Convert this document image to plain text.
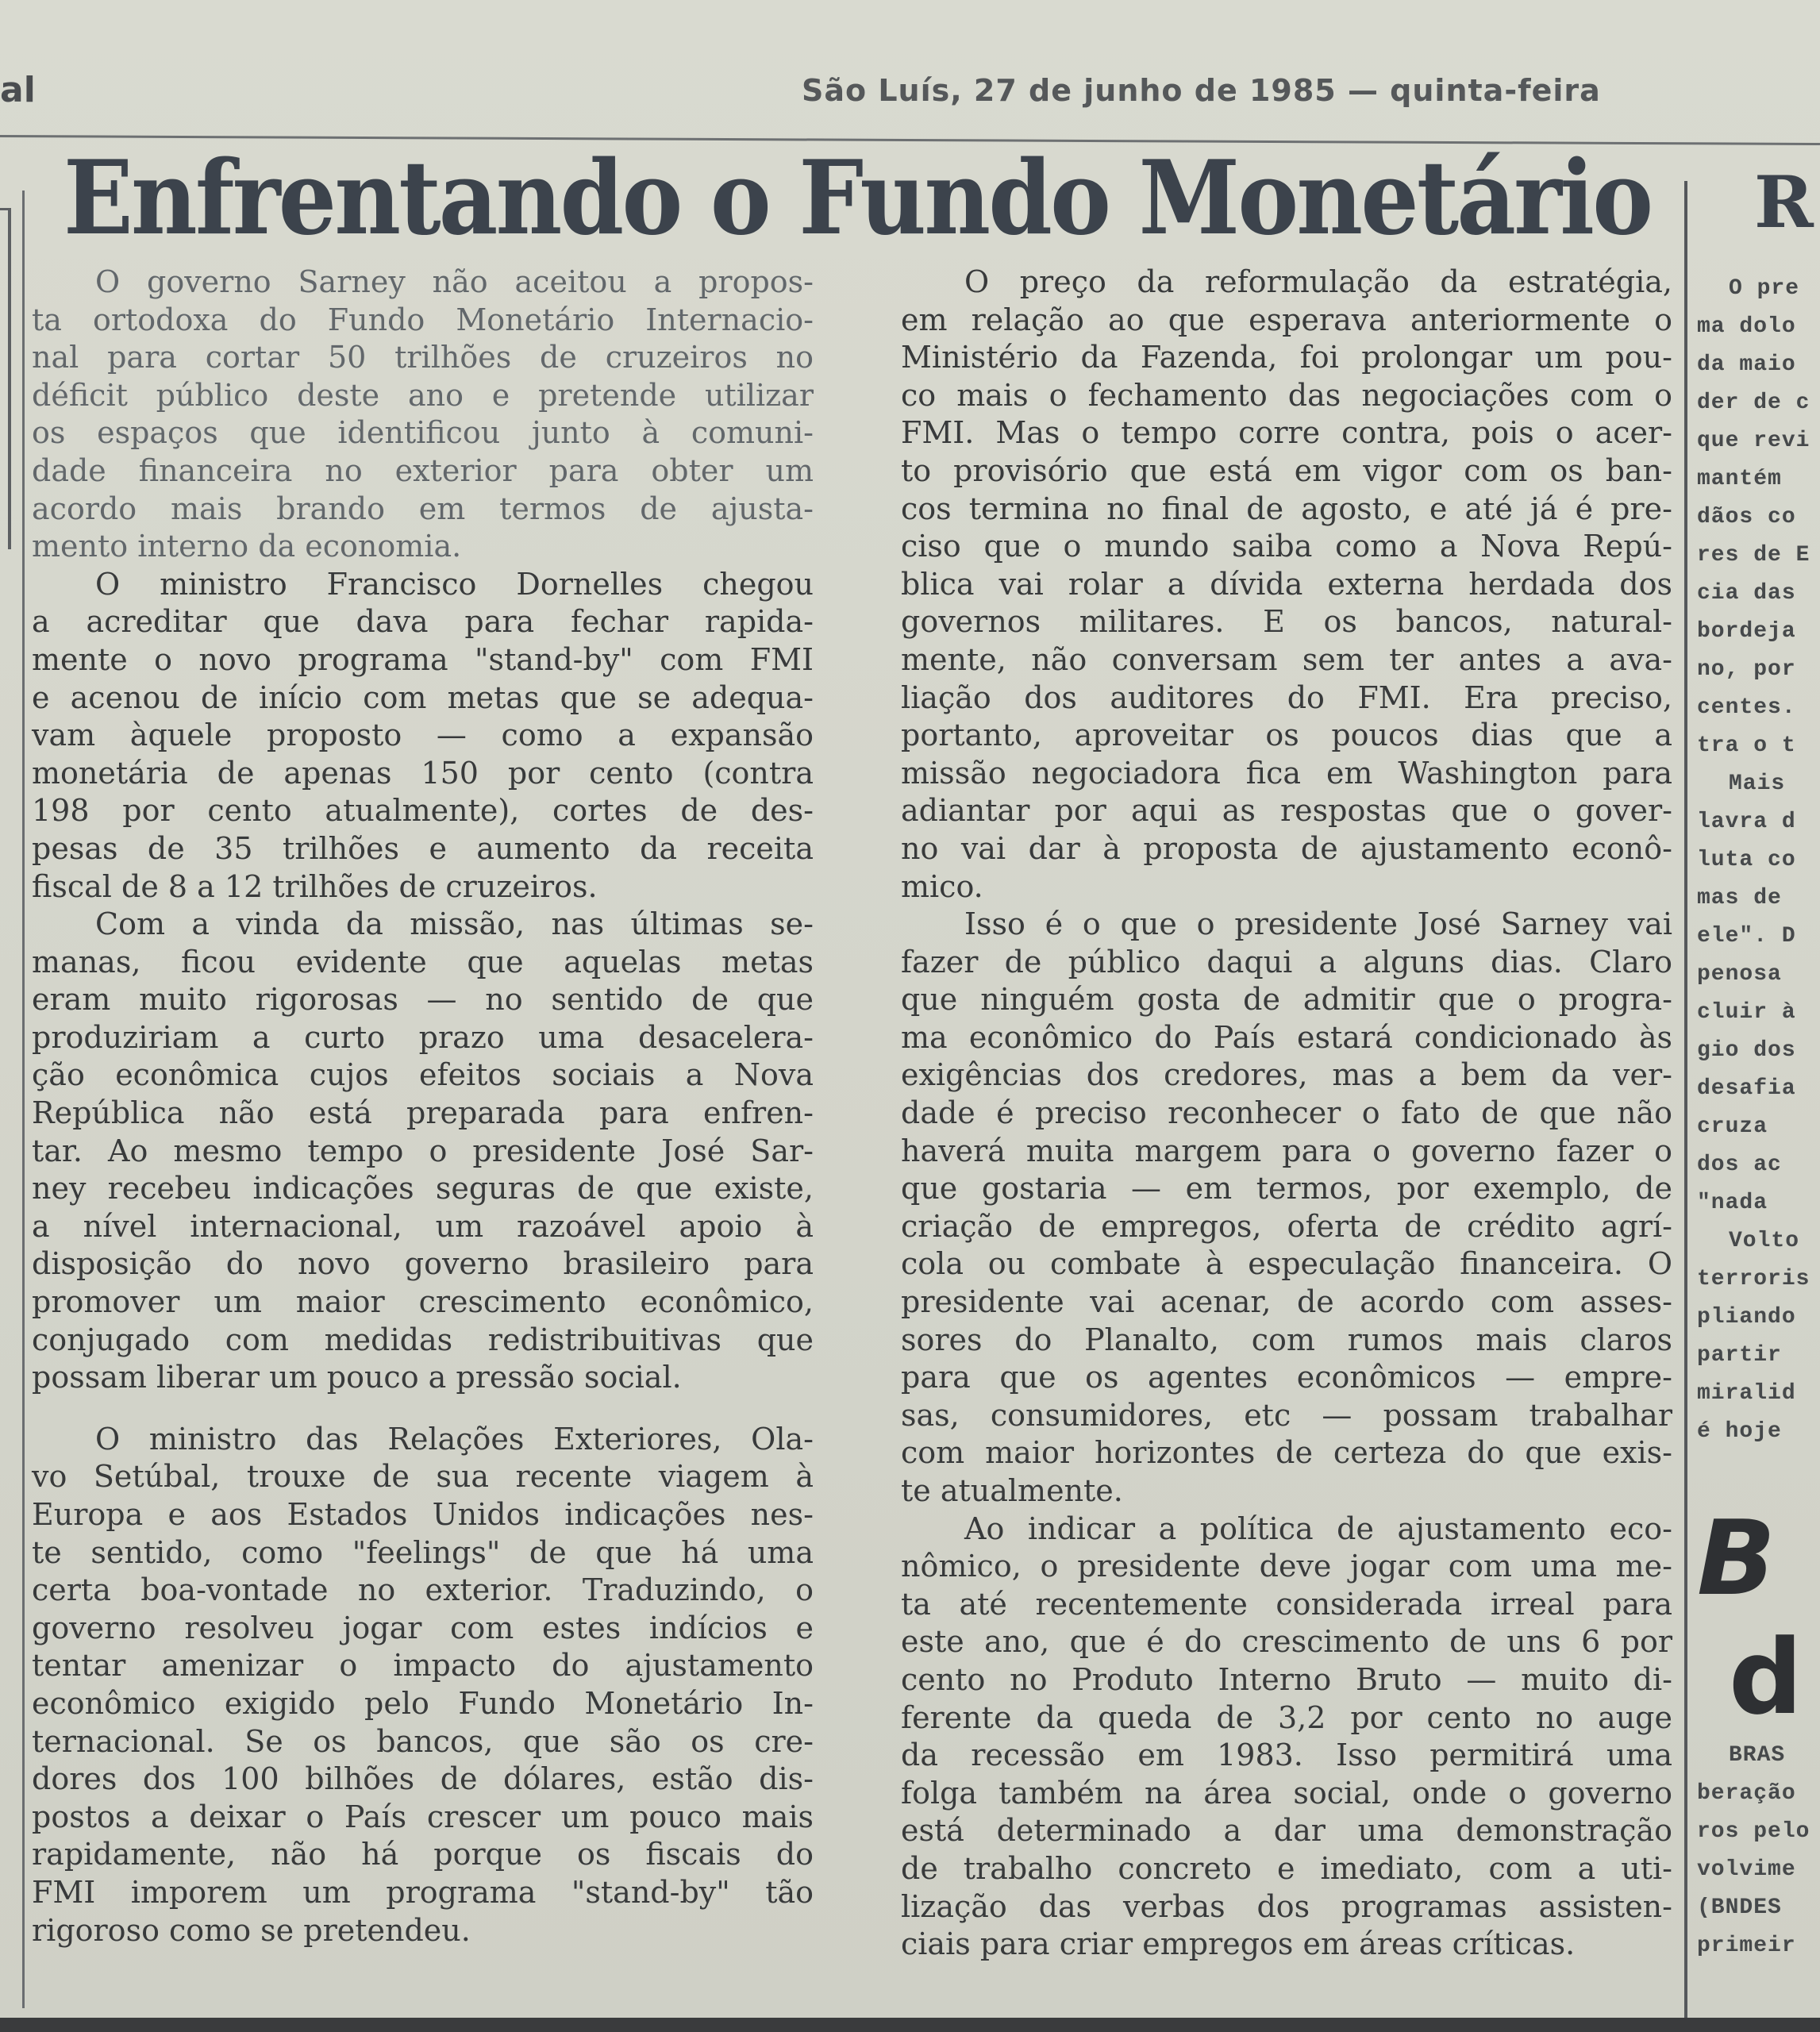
al	São Luís, 27 de junho de 1985 — quinta-feira
Enfrentando o Fundo Monetário
O governo Sarney não aceitou a propos-
ta ortodoxa do Fundo Monetário Internacio-
nal para cortar 50 trilhões de cruzeiros no
déficit público deste ano e pretende utilizar
os espaços que identificou junto à comuni-
dade financeira no exterior para obter um
acordo mais brando em termos de ajusta-
mento interno da economia.
O ministro Francisco Dornelles chegou
a acreditar que dava para fechar rapida-
mente o novo programa "stand-by" com FMI
e acenou de início com metas que se adequa-
vam àquele proposto — como a expansão
monetária de apenas 150 por cento (contra
198 por cento atualmente), cortes de des-
pesas de 35 trilhões e aumento da receita
fiscal de 8 a 12 trilhões de cruzeiros.
Com a vinda da missão, nas últimas se-
manas, ficou evidente que aquelas metas
eram muito rigorosas — no sentido de que
produziriam a curto prazo uma desacelera-
ção econômica cujos efeitos sociais a Nova
República não está preparada para enfren-
tar. Ao mesmo tempo o presidente José Sar-
ney recebeu indicações seguras de que existe,
a nível internacional, um razoável apoio à
disposição do novo governo brasileiro para
promover um maior crescimento econômico,
conjugado com medidas redistribuitivas que
possam liberar um pouco a pressão social.
O ministro das Relações Exteriores, Ola-
vo Setúbal, trouxe de sua recente viagem à
Europa e aos Estados Unidos indicações nes-
te sentido, como "feelings" de que há uma
certa boa-vontade no exterior. Traduzindo, o
governo resolveu jogar com estes indícios e
tentar amenizar o impacto do ajustamento
econômico exigido pelo Fundo Monetário In-
ternacional. Se os bancos, que são os cre-
dores dos 100 bilhões de dólares, estão dis-
postos a deixar o País crescer um pouco mais
rapidamente, não há porque os fiscais do
FMI imporem um programa "stand-by" tão
rigoroso como se pretendeu.
O preço da reformulação da estratégia,
em relação ao que esperava anteriormente o
Ministério da Fazenda, foi prolongar um pou-
co mais o fechamento das negociações com o
FMI. Mas o tempo corre contra, pois o acer-
to provisório que está em vigor com os ban-
cos termina no final de agosto, e até já é pre-
ciso que o mundo saiba como a Nova Repú-
blica vai rolar a dívida externa herdada dos
governos militares. E os bancos, natural-
mente, não conversam sem ter antes a ava-
liação dos auditores do FMI. Era preciso,
portanto, aproveitar os poucos dias que a
missão negociadora fica em Washington para
adiantar por aqui as respostas que o gover-
no vai dar à proposta de ajustamento econô-
mico.
Isso é o que o presidente José Sarney vai
fazer de público daqui a alguns dias. Claro
que ninguém gosta de admitir que o progra-
ma econômico do País estará condicionado às
exigências dos credores, mas a bem da ver-
dade é preciso reconhecer o fato de que não
haverá muita margem para o governo fazer o
que gostaria — em termos, por exemplo, de
criação de empregos, oferta de crédito agrí-
cola ou combate à especulação financeira. O
presidente vai acenar, de acordo com asses-
sores do Planalto, com rumos mais claros
para que os agentes econômicos — empre-
sas, consumidores, etc — possam trabalhar
com maior horizontes de certeza do que exis-
te atualmente.
Ao indicar a política de ajustamento eco-
nômico, o presidente deve jogar com uma me-
ta até recentemente considerada irreal para
este ano, que é do crescimento de uns 6 por
cento no Produto Interno Bruto — muito di-
ferente da queda de 3,2 por cento no auge
da recessão em 1983. Isso permitirá uma
folga também na área social, onde o governo
está determinado a dar uma demonstração
de trabalho concreto e imediato, com a uti-
lização das verbas dos programas assisten-
ciais para criar empregos em áreas críticas.
R
O pre
ma dolo
da maio
der de c
que revi
mantém
dãos co
res de E
cia das
bordeja
no, por
centes.
tra o t
Mais
lavra d
luta co
mas de
ele". D
penosa
cluir à
gio dos
desafia
cruza
dos ac
"nada
Volto
terroris
pliando
partir
miralid
é hoje
B
d
BRAS
beração
ros pelo
volvime
(BNDES
primeir
